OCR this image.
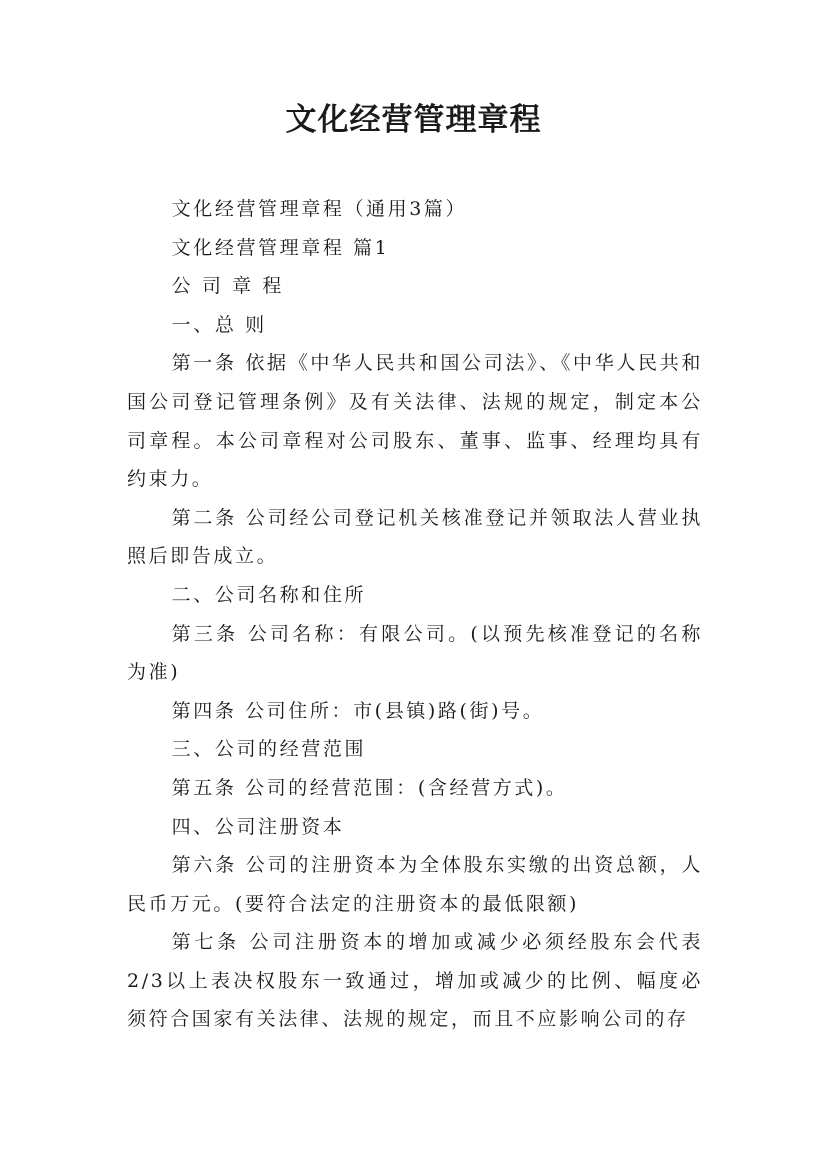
文化经营管理章程

文化经营管理章程（通用3篇）

文化经营管理章程 篇1

公 司 章 程

一、总 则

第一条 依据《中华人民共和国公司法》、《中华人民共和国公司登记管理条例》及有关法律、法规的规定，制定本公司章程。本公司章程对公司股东、董事、监事、经理均具有约束力。

第二条 公司经公司登记机关核准登记并领取法人营业执照后即告成立。

二、公司名称和住所

第三条 公司名称：有限公司。(以预先核准登记的名称为准)

第四条 公司住所：市(县镇)路(街)号。

三、公司的经营范围

第五条 公司的经营范围：(含经营方式)。

四、公司注册资本

第六条 公司的注册资本为全体股东实缴的出资总额，人民币万元。(要符合法定的注册资本的最低限额)

第七条 公司注册资本的增加或减少必须经股东会代表2/3以上表决权股东一致通过，增加或减少的比例、幅度必须符合国家有关法律、法规的规定，而且不应影响公司的存
